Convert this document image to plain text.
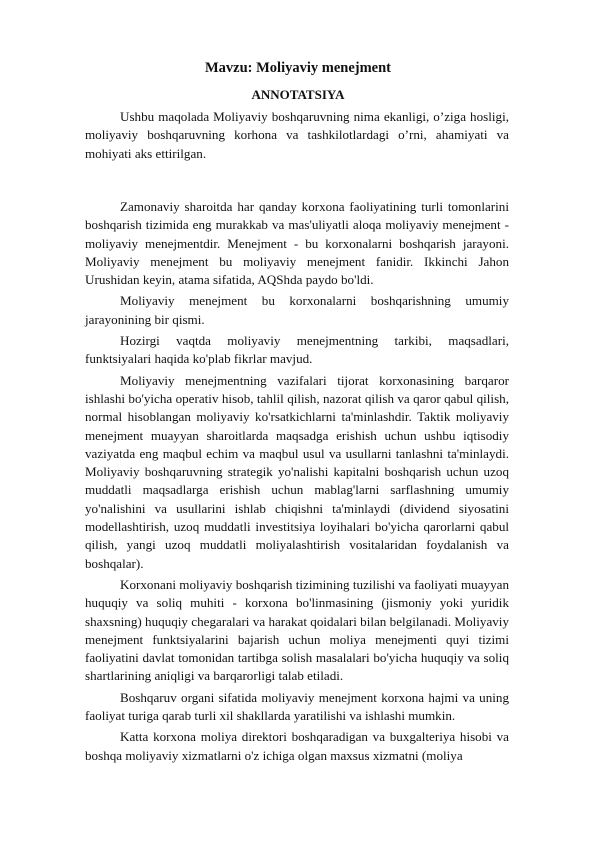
Mavzu: Moliyaviy menejment
ANNOTATSIYA

Ushbu maqolada Moliyaviy boshqaruvning nima ekanligi, o’ziga hosligi, moliyaviy boshqaruvning korhona va tashkilotlardagi o’rni, ahamiyati va mohiyati aks ettirilgan.

Zamonaviy sharoitda har qanday korxona faoliyatining turli tomonlarini boshqarish tizimida eng murakkab va mas'uliyatli aloqa moliyaviy menejment - moliyaviy menejmentdir. Menejment - bu korxonalarni boshqarish jarayoni. Moliyaviy menejment bu moliyaviy menejment fanidir. Ikkinchi Jahon Urushidan keyin, atama sifatida, AQShda paydo bo'ldi.

Moliyaviy menejment bu korxonalarni boshqarishning umumiy jarayonining bir qismi.

Hozirgi vaqtda moliyaviy menejmentning tarkibi, maqsadlari, funktsiyalari haqida ko'plab fikrlar mavjud.

Moliyaviy menejmentning vazifalari tijorat korxonasining barqaror ishlashi bo'yicha operativ hisob, tahlil qilish, nazorat qilish va qaror qabul qilish, normal hisoblangan moliyaviy ko'rsatkichlarni ta'minlashdir. Taktik moliyaviy menejment muayyan sharoitlarda maqsadga erishish uchun ushbu iqtisodiy vaziyatda eng maqbul echim va maqbul usul va usullarni tanlashni ta'minlaydi. Moliyaviy boshqaruvning strategik yo'nalishi kapitalni boshqarish uchun uzoq muddatli maqsadlarga erishish uchun mablag'larni sarflashning umumiy yo'nalishini va usullarini ishlab chiqishni ta'minlaydi (dividend siyosatini modellashtirish, uzoq muddatli investitsiya loyihalari bo'yicha qarorlarni qabul qilish, yangi uzoq muddatli moliyalashtirish vositalaridan foydalanish va boshqalar).

Korxonani moliyaviy boshqarish tizimining tuzilishi va faoliyati muayyan huquqiy va soliq muhiti - korxona bo'linmasining (jismoniy yoki yuridik shaxsning) huquqiy chegaralari va harakat qoidalari bilan belgilanadi. Moliyaviy menejment funktsiyalarini bajarish uchun moliya menejmenti quyi tizimi faoliyatini davlat tomonidan tartibga solish masalalari bo'yicha huquqiy va soliq shartlarining aniqligi va barqarorligi talab etiladi.

Boshqaruv organi sifatida moliyaviy menejment korxona hajmi va uning faoliyat turiga qarab turli xil shakllarda yaratilishi va ishlashi mumkin.

Katta korxona moliya direktori boshqaradigan va buxgalteriya hisobi va boshqa moliyaviy xizmatlarni o'z ichiga olgan maxsus xizmatni (moliya
